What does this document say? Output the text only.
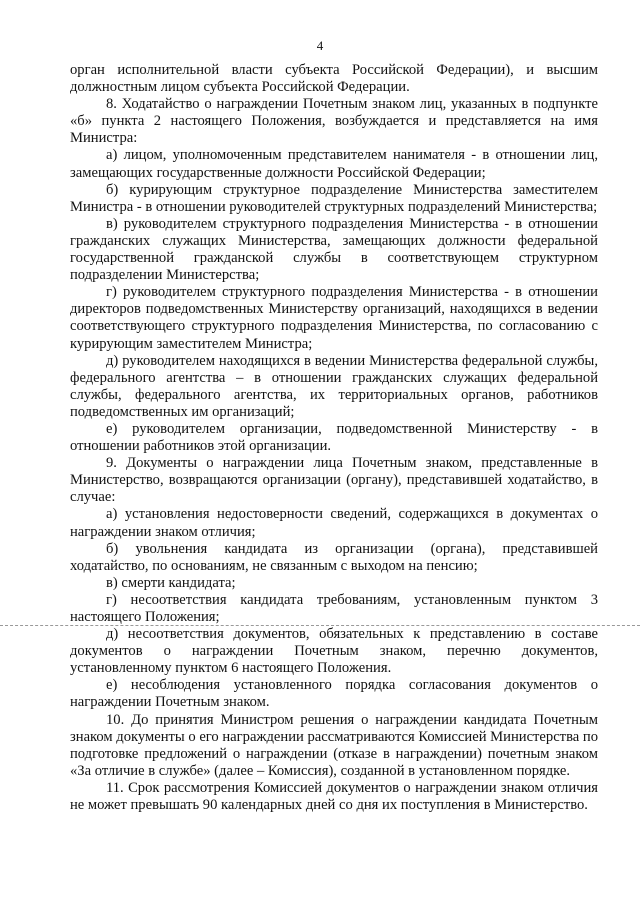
4

орган исполнительной власти субъекта Российской Федерации), и высшим должностным лицом субъекта Российской Федерации.

8. Ходатайство о награждении Почетным знаком лиц, указанных в подпункте «б» пункта 2 настоящего Положения, возбуждается и представляется на имя Министра:

а) лицом, уполномоченным представителем нанимателя - в отношении лиц, замещающих государственные должности Российской Федерации;

б) курирующим структурное подразделение Министерства заместителем Министра - в отношении руководителей структурных подразделений Министерства;

в) руководителем структурного подразделения Министерства - в отношении гражданских служащих Министерства, замещающих должности федеральной государственной гражданской службы в соответствующем структурном подразделении Министерства;

г) руководителем структурного подразделения Министерства - в отношении директоров подведомственных Министерству организаций, находящихся в ведении соответствующего структурного подразделения Министерства, по согласованию с курирующим заместителем Министра;

д) руководителем находящихся в ведении Министерства федеральной службы, федерального агентства – в отношении гражданских служащих федеральной службы, федерального агентства, их территориальных органов, работников подведомственных им организаций;

е) руководителем организации, подведомственной Министерству - в отношении работников этой организации.

9. Документы о награждении лица Почетным знаком, представленные в Министерство, возвращаются организации (органу), представившей ходатайство, в случае:

а) установления недостоверности сведений, содержащихся в документах о награждении знаком отличия;

б) увольнения кандидата из организации (органа), представившей ходатайство, по основаниям, не связанным с выходом на пенсию;

в) смерти кандидата;

г) несоответствия кандидата требованиям, установленным пунктом 3 настоящего Положения;

д) несоответствия документов, обязательных к представлению в составе документов о награждении Почетным знаком, перечню документов, установленному пунктом 6 настоящего Положения.

е) несоблюдения установленного порядка согласования документов о награждении Почетным знаком.

10. До принятия Министром решения о награждении кандидата Почетным знаком документы о его награждении рассматриваются Комиссией Министерства по подготовке предложений о награждении (отказе в награждении) почетным знаком «За отличие в службе» (далее – Комиссия), созданной в установленном порядке.

11. Срок рассмотрения Комиссией документов о награждении знаком отличия не может превышать 90 календарных дней со дня их поступления в Министерство.
